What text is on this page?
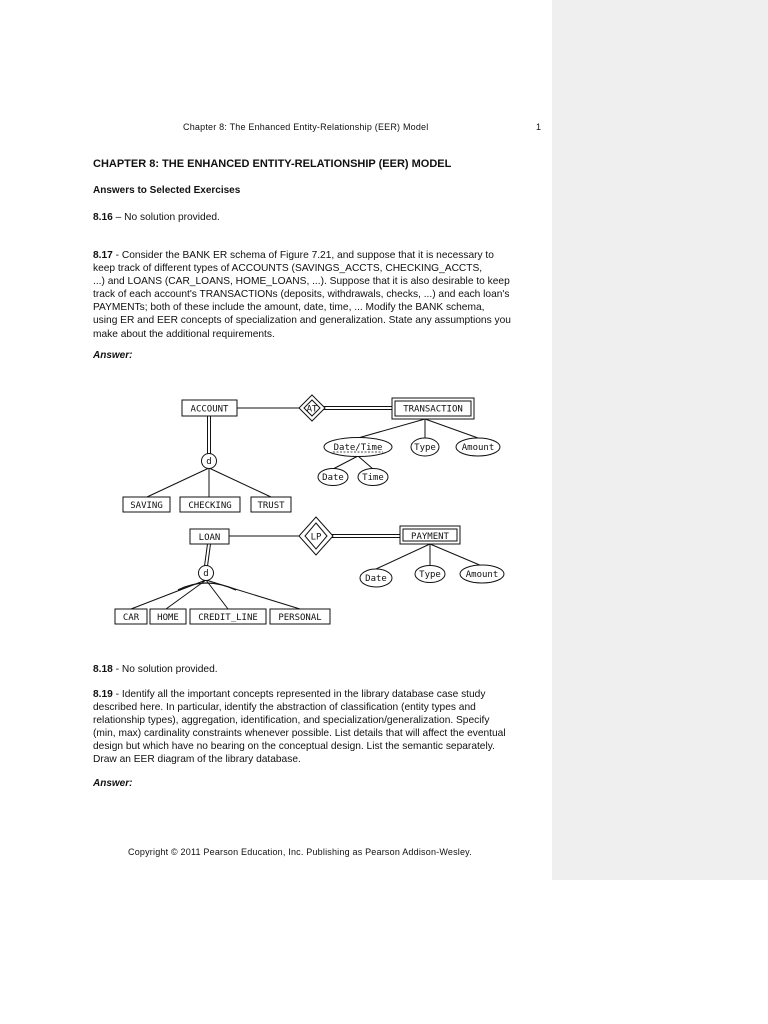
Chapter 8: The Enhanced Entity-Relationship (EER) Model	1
CHAPTER 8: THE ENHANCED ENTITY-RELATIONSHIP (EER) MODEL
Answers to Selected Exercises
8.16 – No solution provided.
8.17 - Consider the BANK ER schema of Figure 7.21, and suppose that it is necessary to
keep track of different types of ACCOUNTS (SAVINGS_ACCTS, CHECKING_ACCTS,
...) and LOANS (CAR_LOANS, HOME_LOANS, ...). Suppose that it is also desirable to keep
track of each account's TRANSACTIONs (deposits, withdrawals, checks, ...) and each loan's
PAYMENTs; both of these include the amount, date, time, ... Modify the BANK schema,
using ER and EER concepts of specialization and generalization. State any assumptions you
make about the additional requirements.
Answer:
ACCOUNT	AT	TRANSACTION
Date/Time	Type	Amount
Date Time
d
SAVING	CHECKING	TRUST
LOAN	LP	PAYMENT
Date	Type	Amount
d
CAR HOME CREDIT_LINE PERSONAL
8.18 - No solution provided.
8.19 - Identify all the important concepts represented in the library database case study
described here. In particular, identify the abstraction of classification (entity types and
relationship types), aggregation, identification, and specialization/generalization. Specify
(min, max) cardinality constraints whenever possible. List details that will affect the eventual
design but which have no bearing on the conceptual design. List the semantic separately.
Draw an EER diagram of the library database.
Answer:
Copyright © 2011 Pearson Education, Inc. Publishing as Pearson Addison-Wesley.
